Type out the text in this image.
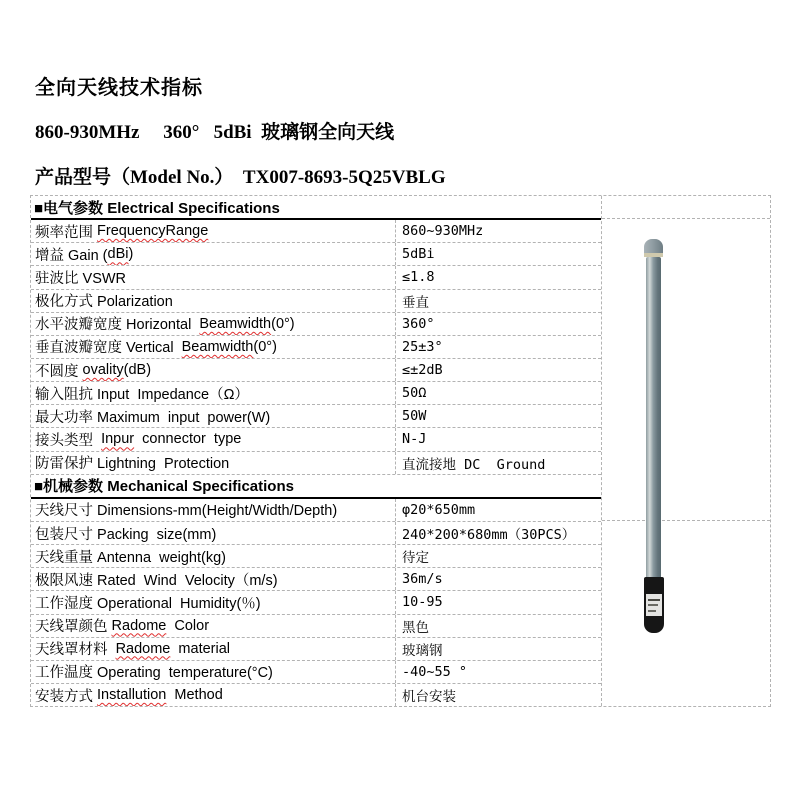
全向天线技术指标
860-930MHz     360°   5dBi  玻璃钢全向天线
产品型号（Model No.）  TX007-8693-5Q25VBLG
■电气参数 Electrical Specifications
频率范围 FrequencyRange	860~930MHz
增益 Gain ( dBi )	5dBi
驻波比 VSWR	≤1.8
极化方式 Polarization	垂直
水平波瓣宽度 Horizontal Beamwidth (0°)	360°
垂直波瓣宽度 Vertical Beamwidth (0°)	25±3°
不圆度 ovality (dB)	≤±2dB
输入阻抗 Input  Impedance（Ω）	50Ω
最大功率 Maximum  input  power(W)	50W
接头类型 Inpur connector  type	N-J
防雷保护 Lightning  Protection	直流接地 DC  Ground
■机械参数 Mechanical Specifications
天线尺寸 Dimensions-mm(Height/Width/Depth)	φ20*650mm
包装尺寸 Packing  size(mm)	240*200*680mm（30PCS）
天线重量 Antenna  weight(kg)	待定
极限风速 Rated  Wind  Velocity（m/s)	36m/s
工作湿度 Operational  Humidity(％)	10-95
天线罩颜色 Radome Color	黑色
天线罩材料 Radome material	玻璃钢
工作温度 Operating  temperature(°C)	-40~55 °
安装方式 Installution Method	机台安装
